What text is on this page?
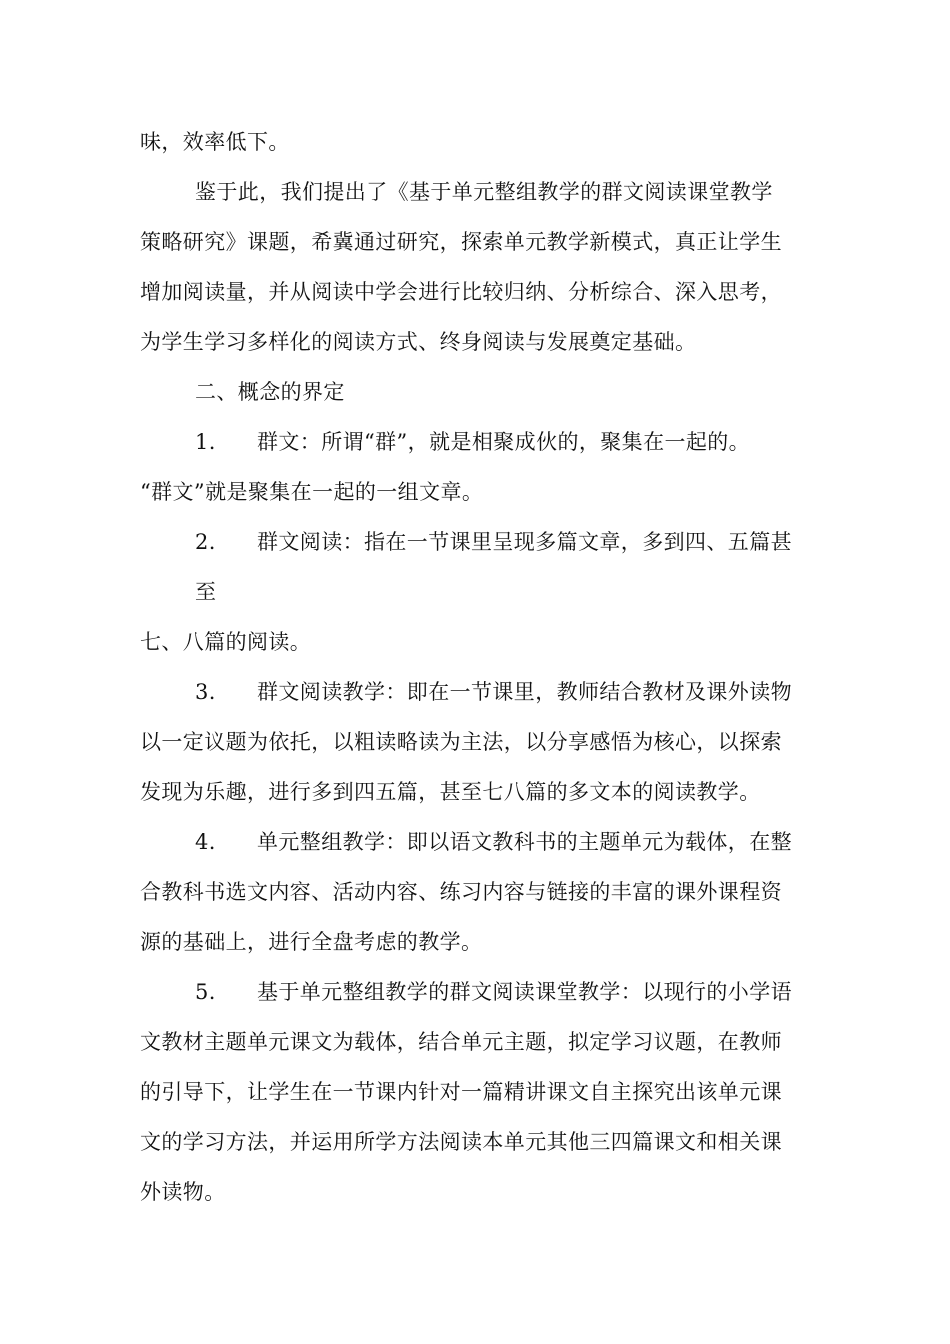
味，效率低下。
鉴于此，我们提出了《基于单元整组教学的群文阅读课堂教学
策略研究》课题，希冀通过研究，探索单元教学新模式，真正让学生
增加阅读量，并从阅读中学会进行比较归纳、分析综合、深入思考，
为学生学习多样化的阅读方式、终身阅读与发展奠定基础。
二、概念的界定
1. 群文：所谓“群”，就是相聚成伙的，聚集在一起的。
“群文”就是聚集在一起的一组文章。
2. 群文阅读：指在一节课里呈现多篇文章，多到四、五篇甚
至
七、八篇的阅读。
3. 群文阅读教学：即在一节课里，教师结合教材及课外读物
以一定议题为依托，以粗读略读为主法，以分享感悟为核心，以探索
发现为乐趣，进行多到四五篇，甚至七八篇的多文本的阅读教学。
4. 单元整组教学：即以语文教科书的主题单元为载体，在整
合教科书选文内容、活动内容、练习内容与链接的丰富的课外课程资
源的基础上，进行全盘考虑的教学。
5. 基于单元整组教学的群文阅读课堂教学：以现行的小学语
文教材主题单元课文为载体，结合单元主题，拟定学习议题，在教师
的引导下，让学生在一节课内针对一篇精讲课文自主探究出该单元课
文的学习方法，并运用所学方法阅读本单元其他三四篇课文和相关课
外读物。
